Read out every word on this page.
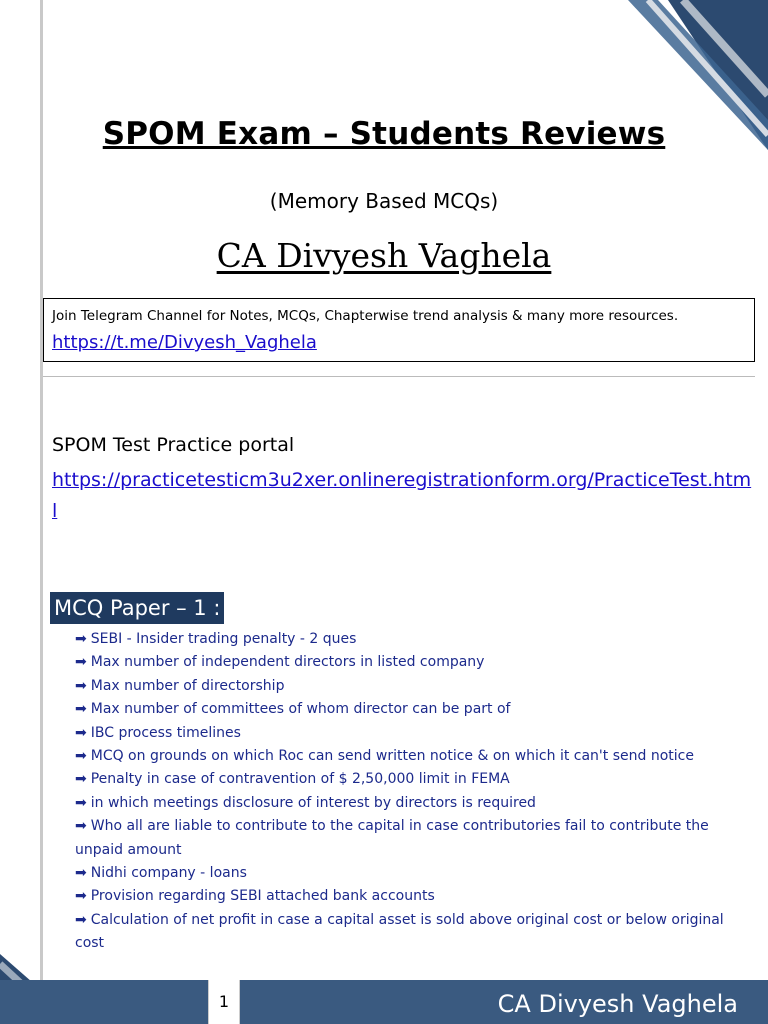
SPOM Exam – Students Reviews
(Memory Based MCQs)
CA Divyesh Vaghela
Join Telegram Channel for Notes, MCQs, Chapterwise trend analysis & many more resources.
https://t.me/Divyesh_Vaghela
SPOM Test Practice portal
https://practicetesticm3u2xer.onlineregistrationform.org/PracticeTest.html
MCQ Paper – 1 :
➡ SEBI - Insider trading penalty - 2 ques
➡ Max number of independent directors in listed company
➡ Max number of directorship
➡ Max number of committees of whom director can be part of
➡ IBC process timelines
➡ MCQ on grounds on which Roc can send written notice & on which it can't send notice
➡ Penalty in case of contravention of $ 2,50,000 limit in FEMA
➡ in which meetings disclosure of interest by directors is required
➡ Who all are liable to contribute to the capital in case contributories fail to contribute the unpaid amount
➡ Nidhi company - loans
➡ Provision regarding SEBI attached bank accounts
➡ Calculation of net profit in case a capital asset is sold above original cost or below original cost
1	CA Divyesh Vaghela
